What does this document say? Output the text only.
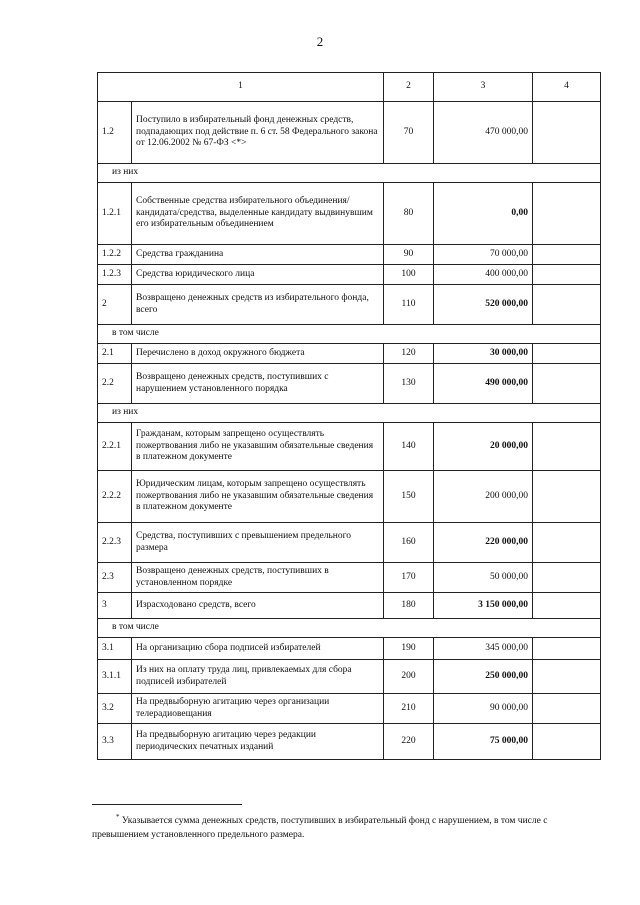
2
1		2	3	4
1.2	Поступило в избирательный фонд денежных средств, подпадающих под действие п. 6 ст. 58 Федерального закона от 12.06.2002 № 67-ФЗ <*>	70	470 000,00	
из них				
1.2.1	Собственные средства избирательного объединения/кандидата/средства, выделенные кандидату выдвинувшим его избирательным объединением	80	0,00	
1.2.2	Средства гражданина	90	70 000,00	
1.2.3	Средства юридического лица	100	400 000,00	
2	Возвращено денежных средств из избирательного фонда, всего	110	520 000,00	
в том числе				
2.1	Перечислено в доход окружного бюджета	120	30 000,00	
2.2	Возвращено денежных средств, поступивших с нарушением установленного порядка	130	490 000,00	
из них				
2.2.1	Гражданам, которым запрещено осуществлять пожертвования либо не указавшим обязательные сведения в платежном документе	140	20 000,00	
2.2.2	Юридическим лицам, которым запрещено осуществлять пожертвования либо не указавшим обязательные сведения в платежном документе	150	200 000,00	
2.2.3	Средства, поступивших с превышением предельного размера	160	220 000,00	
2.3	Возвращено денежных средств, поступивших в установленном порядке	170	50 000,00	
3	Израсходовано средств, всего	180	3 150 000,00	
в том числе				
3.1	На организацию сбора подписей избирателей	190	345 000,00	
3.1.1	Из них на оплату труда лиц, привлекаемых для сбора подписей избирателей	200	250 000,00	
3.2	На предвыборную агитацию через организации телерадиовещания	210	90 000,00	
3.3	На предвыборную агитацию через редакции периодических печатных изданий	220	75 000,00	
* Указывается сумма денежных средств, поступивших в избирательный фонд с нарушением, в том числе с превышением установленного предельного размера.
